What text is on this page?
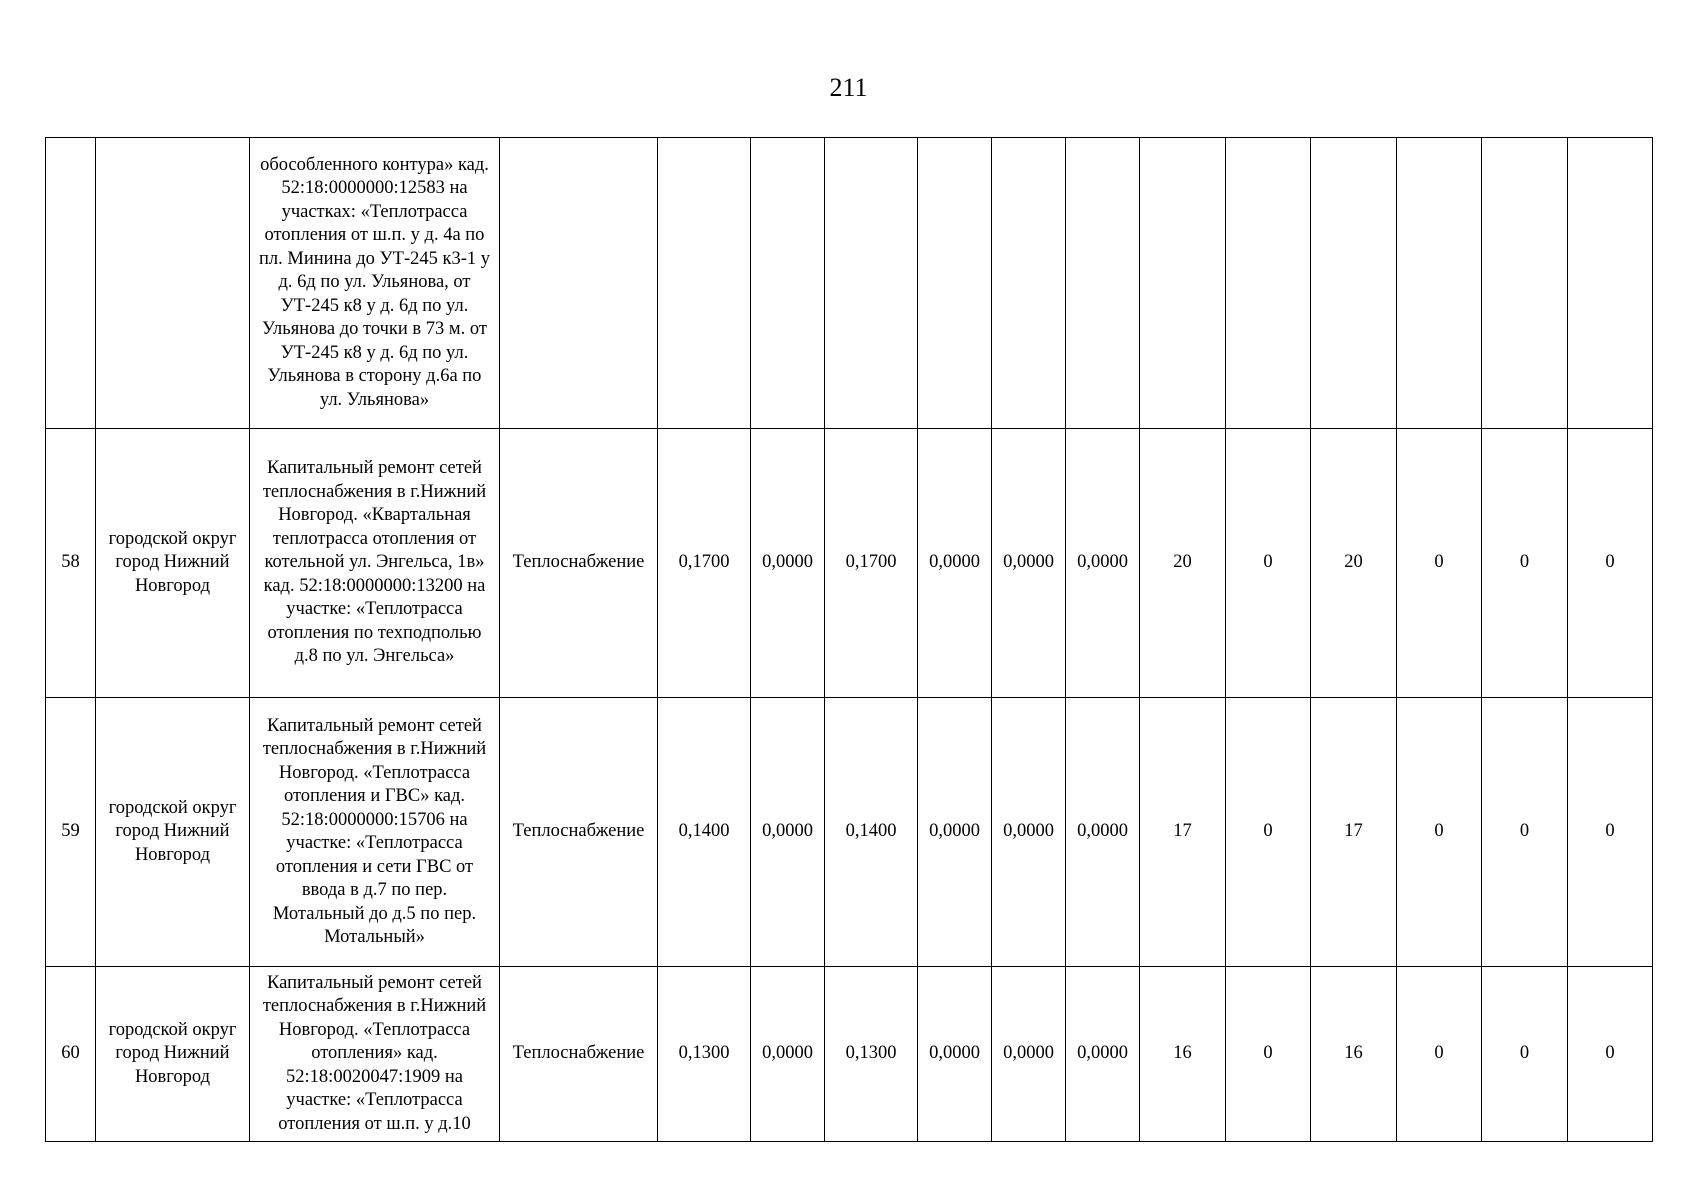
211
		обособленного контура» кад. 52:18:0000000:12583 на участках: «Теплотрасса отопления от ш.п. у д. 4а по пл. Минина до УТ-245 к3-1 у д. 6д по ул. Ульянова, от УТ-245 к8 у д. 6д по ул. Ульянова до точки в 73 м. от УТ-245 к8 у д. 6д по ул. Ульянова в сторону д.6а по ул. Ульянова»													
58	городской округ город Нижний Новгород	Капитальный ремонт сетей теплоснабжения в г.Нижний Новгород. «Квартальная теплотрасса отопления от котельной ул. Энгельса, 1в» кад. 52:18:0000000:13200 на участке: «Теплотрасса отопления по техподполью д.8 по ул. Энгельса»	Теплоснабжение	0,1700	0,0000	0,1700	0,0000	0,0000	0,0000	20	0	20	0	0	0
59	городской округ город Нижний Новгород	Капитальный ремонт сетей теплоснабжения в г.Нижний Новгород. «Теплотрасса отопления и ГВС» кад. 52:18:0000000:15706 на участке: «Теплотрасса отопления и сети ГВС от ввода в д.7 по пер. Мотальный до д.5 по пер. Мотальный»	Теплоснабжение	0,1400	0,0000	0,1400	0,0000	0,0000	0,0000	17	0	17	0	0	0
60	городской округ город Нижний Новгород	Капитальный ремонт сетей теплоснабжения в г.Нижний Новгород. «Теплотрасса отопления» кад. 52:18:0020047:1909 на участке: «Теплотрасса отопления от ш.п. у д.10	Теплоснабжение	0,1300	0,0000	0,1300	0,0000	0,0000	0,0000	16	0	16	0	0	0
